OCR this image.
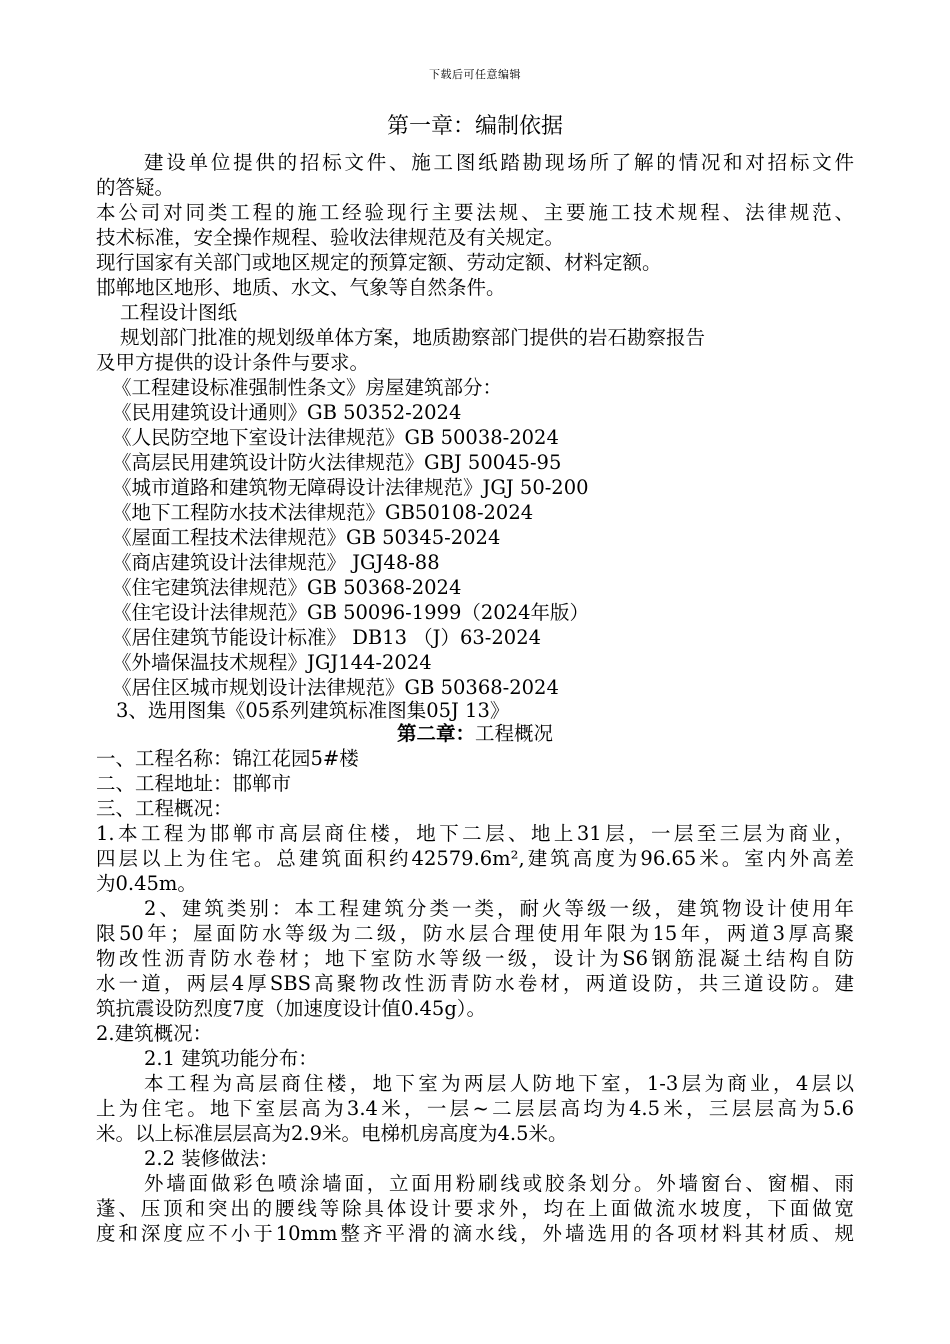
下载后可任意编辑
第一章：编制依据
建设单位提供的招标文件、施工图纸踏勘现场所了解的情况和对招标文件
的答疑。
本公司对同类工程的施工经验现行主要法规、主要施工技术规程、法律规范、
技术标准，安全操作规程、验收法律规范及有关规定。
现行国家有关部门或地区规定的预算定额、劳动定额、材料定额。
邯郸地区地形、地质、水文、气象等自然条件。
工程设计图纸
规划部门批准的规划级单体方案，地质勘察部门提供的岩石勘察报告
及甲方提供的设计条件与要求。
《工程建设标准强制性条文》房屋建筑部分：
《民用建筑设计通则》GB 50352-2024
《人民防空地下室设计法律规范》GB 50038-2024
《高层民用建筑设计防火法律规范》GBJ 50045-95
《城市道路和建筑物无障碍设计法律规范》JGJ 50-200
《地下工程防水技术法律规范》GB50108-2024
《屋面工程技术法律规范》GB 50345-2024
《商店建筑设计法律规范》 JGJ48-88
《住宅建筑法律规范》GB 50368-2024
《住宅设计法律规范》GB 50096-1999（2024年版）
《居住建筑节能设计标准》 DB13 （J）63-2024
《外墙保温技术规程》JGJ144-2024
《居住区城市规划设计法律规范》GB 50368-2024
3、选用图集《05系列建筑标准图集05J 13》
第二章：工程概况
一、工程名称：锦江花园5#楼
二、工程地址：邯郸市
三、工程概况：
1.本工程为邯郸市高层商住楼，地下二层、地上31层，一层至三层为商业，
四层以上为住宅。总建筑面积约42579.6m²,建筑高度为96.65米。室内外高差
为0.45m。
2、建筑类别：本工程建筑分类一类，耐火等级一级，建筑物设计使用年
限50年；屋面防水等级为二级，防水层合理使用年限为15年，两道3厚高聚
物改性沥青防水卷材；地下室防水等级一级，设计为S6钢筋混凝土结构自防
水一道，两层4厚SBS高聚物改性沥青防水卷材，两道设防，共三道设防。建
筑抗震设防烈度7度（加速度设计值0.45g）。
2.建筑概况：
2.1 建筑功能分布：
本工程为高层商住楼，地下室为两层人防地下室，1-3层为商业，4层以
上为住宅。地下室层高为3.4米，一层~二层层高均为4.5米，三层层高为5.6
米。以上标准层层高为2.9米。电梯机房高度为4.5米。
2.2 装修做法：
外墙面做彩色喷涂墙面，立面用粉刷线或胶条划分。外墙窗台、窗楣、雨
蓬、压顶和突出的腰线等除具体设计要求外，均在上面做流水坡度，下面做宽
度和深度应不小于10mm整齐平滑的滴水线，外墙选用的各项材料其材质、规
